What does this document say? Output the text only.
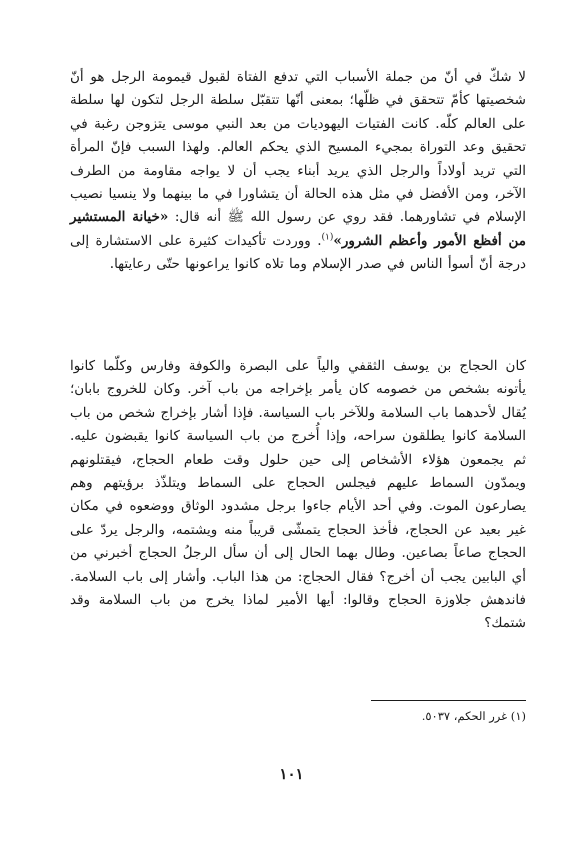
لا شكّ في أنّ من جملة الأسباب التي تدفع الفتاة لقبول قيمومة الرجل هو أنّ شخصيتها كأمّ تتحقق في ظلّها؛ بمعنى أنّها تتقبّل سلطة الرجل لتكون لها سلطة على العالم كلّه. كانت الفتيات اليهوديات من بعد النبي موسى يتزوجن رغبة في تحقيق وعد التوراة بمجيء المسيح الذي يحكم العالم. ولهذا السبب فإنّ المرأة التي تريد أولاداً والرجل الذي يريد أبناء يجب أن لا يواجه مقاومة من الطرف الآخر، ومن الأفضل في مثل هذه الحالة أن يتشاورا في ما بينهما ولا ينسيا نصيب الإسلام في تشاورهما. فقد روي عن رسول الله ﷺ أنه قال: «خيانة المستشير من أفظع الأمور وأعظم الشرور»$^{(١)}$. ووردت تأكيدات كثيرة على الاستشارة إلى درجة أنّ أسوأ الناس في صدر الإسلام وما تلاه كانوا يراعونها حتّى رعايتها.

كان الحجاج بن يوسف الثقفي والياً على البصرة والكوفة وفارس وكلّما كانوا يأتونه بشخص من خصومه كان يأمر بإخراجه من باب آخر. وكان للخروج بابان؛ يُقال لأحدهما باب السلامة وللآخر باب السياسة. فإذا أشار بإخراج شخص من باب السلامة كانوا يطلقون سراحه، وإذا أُخرج من باب السياسة كانوا يقبضون عليه. ثم يجمعون هؤلاء الأشخاص إلى حين حلول وقت طعام الحجاج، فيقتلونهم ويمدّون السماط عليهم فيجلس الحجاج على السماط ويتلذّذ برؤيتهم وهم يصارعون الموت. وفي أحد الأيام جاءوا برجل مشدود الوثاق ووضعوه في مكان غير بعيد عن الحجاج، فأخذ الحجاج يتمشّى قريباً منه ويشتمه، والرجل يردّ على الحجاج صاعاً بصاعين. وطال بهما الحال إلى أن سأل الرجلُ الحجاج أخبرني من أي البابين يجب أن أخرج؟ فقال الحجاج: من هذا الباب. وأشار إلى باب السلامة. فاندهش جلاوزة الحجاج وقالوا: أيها الأمير لماذا يخرج من باب السلامة وقد شتمك؟

(١) غرر الحكم، ٥٠٣٧.

١٠١
